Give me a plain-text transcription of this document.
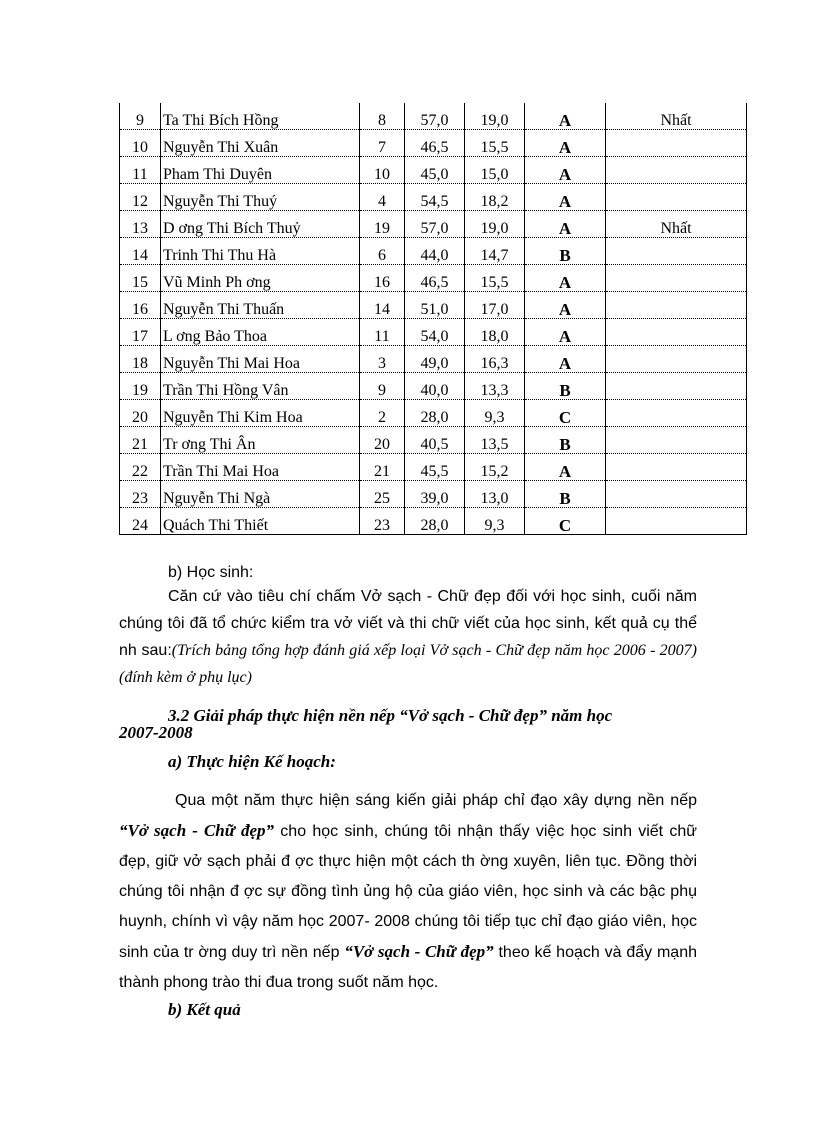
9	Ta Thi Bích Hồng	8	57,0	19,0	A	Nhất
10	Nguyễn Thi Xuân	7	46,5	15,5	A	
11	Pham Thi Duyên	10	45,0	15,0	A	
12	Nguyễn Thi Thuý	4	54,5	18,2	A	
13	D ơng Thi Bích Thuỷ	19	57,0	19,0	A	Nhất
14	Trinh Thi Thu Hà	6	44,0	14,7	B	
15	Vũ Minh Ph ơng	16	46,5	15,5	A	
16	Nguyễn Thi Thuấn	14	51,0	17,0	A	
17	L ơng Bảo Thoa	11	54,0	18,0	A	
18	Nguyễn Thi Mai Hoa	3	49,0	16,3	A	
19	Trần Thi Hồng Vân	9	40,0	13,3	B	
20	Nguyễn Thi Kim Hoa	2	28,0	9,3	C	
21	Tr ơng Thi Ân	20	40,5	13,5	B	
22	Trần Thi Mai Hoa	21	45,5	15,2	A	
23	Nguyễn Thi Ngà	25	39,0	13,0	B	
24	Quách Thi Thiết	23	28,0	9,3	C	
b) Học sinh:
Căn cứ vào tiêu chí chấm Vở sạch - Chữ đẹp đối với học sinh, cuối năm chúng tôi đã tổ chức kiểm tra vở viết và thi chữ viết của học sinh, kết quả cụ thể nh sau:(Trích bảng tổng hợp đánh giá xếp loại Vở sạch - Chữ đẹp năm học 2006 - 2007)(đính kèm ở phụ lục)
3.2 Giải pháp thực hiện nền nếp “Vở sạch - Chữ đẹp” năm học
2007-2008
a) Thực hiện Kế hoạch:
Qua một năm thực hiện sáng kiến giải pháp chỉ đạo xây dựng nền nếp “Vở sạch - Chữ đẹp” cho học sinh, chúng tôi nhận thấy việc học sinh viết chữ đẹp, giữ vở sạch phải đ ợc thực hiện một cách th ờng xuyên, liên tục. Đồng thời chúng tôi nhận đ ợc sự đồng tình ủng hộ của giáo viên, học sinh và các bậc phụ huynh, chính vì vậy năm học 2007- 2008 chúng tôi tiếp tục chỉ đạo giáo viên, học sinh của tr ờng duy trì nền nếp “Vở sạch - Chữ đẹp” theo kế hoạch và đẩy mạnh thành phong trào thi đua trong suốt năm học.
b) Kết quả
